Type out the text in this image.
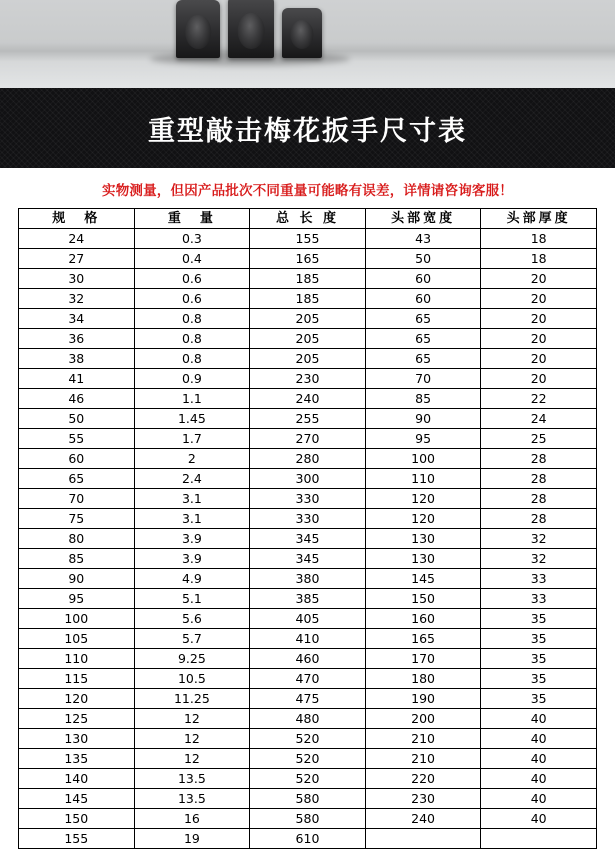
重型敲击梅花扳手尺寸表
实物测量，但因产品批次不同重量可能略有误差，详情请咨询客服！
规　格	重　量	总 长 度	头部宽度	头部厚度
24	0.3	155	43	18
27	0.4	165	50	18
30	0.6	185	60	20
32	0.6	185	60	20
34	0.8	205	65	20
36	0.8	205	65	20
38	0.8	205	65	20
41	0.9	230	70	20
46	1.1	240	85	22
50	1.45	255	90	24
55	1.7	270	95	25
60	2	280	100	28
65	2.4	300	110	28
70	3.1	330	120	28
75	3.1	330	120	28
80	3.9	345	130	32
85	3.9	345	130	32
90	4.9	380	145	33
95	5.1	385	150	33
100	5.6	405	160	35
105	5.7	410	165	35
110	9.25	460	170	35
115	10.5	470	180	35
120	11.25	475	190	35
125	12	480	200	40
130	12	520	210	40
135	12	520	210	40
140	13.5	520	220	40
145	13.5	580	230	40
150	16	580	240	40
155	19	610		
